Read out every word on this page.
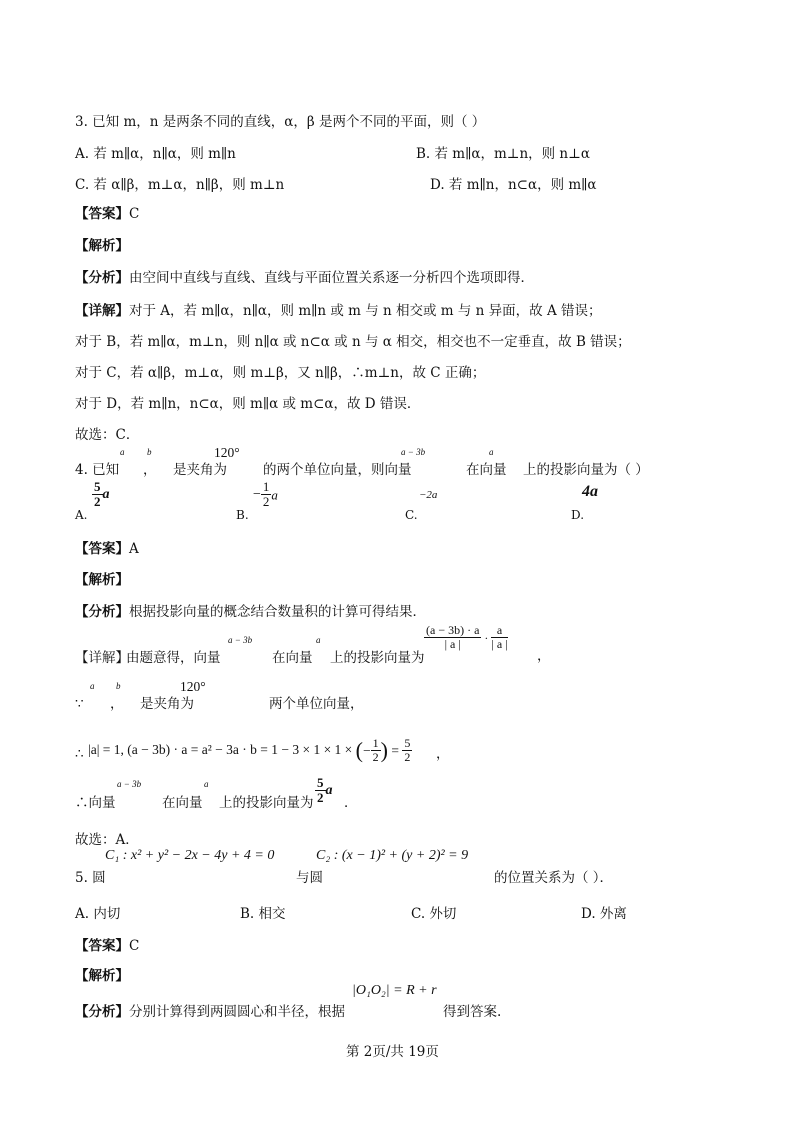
3. 已知 m，n 是两条不同的直线，α，β 是两个不同的平面，则（ ）
A. 若 m∥α，n∥α，则 m∥n	B. 若 m∥α，m⊥n，则 n⊥α
C. 若 α∥β，m⊥α，n∥β，则 m⊥n	D. 若 m∥n，n⊂α，则 m∥α
【答案】C
【解析】
【分析】由空间中直线与直线、直线与平面位置关系逐一分析四个选项即得．
【详解】对于 A，若 m∥α，n∥α，则 m∥n 或 m 与 n 相交或 m 与 n 异面，故 A 错误；
对于 B，若 m∥α，m⊥n，则 n∥α 或 n⊂α 或 n 与 α 相交，相交也不一定垂直，故 B 错误；
对于 C，若 α∥β，m⊥α，则 m⊥β，又 n∥β，∴m⊥n，故 C 正确；
对于 D，若 m∥n，n⊂α，则 m∥α 或 m⊂α，故 D 错误．
故选：C．
a	b	120°	a − 3b	a
4. 已知 ， 是夹角为	的两个单位向量，则向量	在向量 上的投影向量为（ ）
$\frac{5}{2}$ a
A.
− $\frac{1}{2}$ a
B.
−2a
C.
4a
D.
【答案】A
【解析】
【分析】根据投影向量的概念结合数量积的计算可得结果．
a − 3b	a
【详解】
由题意得，向量	在向量 上的投影向量为
$\frac{(a - 3b) \cdot a}{| a |} \cdot \frac{a}{| a |}$
，
a b	120°
∵ ， 是夹角为	两个单位向量，
|a| = 1, (a − 3b) · a = a² − 3a · b = 1 − 3 × 1 × 1 × (− $\frac{1}{2}$ ) = $\frac{5}{2}$
∴	，
a − 3b	a
∴向量	在向量 上的投影向量为 $\frac{5}{2}$ a
．
故选：A．
C₁ : x² + y² − 2x − 4y + 4 = 0	C₂ : (x − 1)² + (y + 2)² = 9
5. 圆	与圆	的位置关系为（ ）．
A. 内切	B. 相交	C. 外切	D. 外离
【答案】C
【解析】
|O₁O₂| = R + r
【分析】分别计算得到两圆圆心和半径，根据	得到答案.
第 2页/共 19页
